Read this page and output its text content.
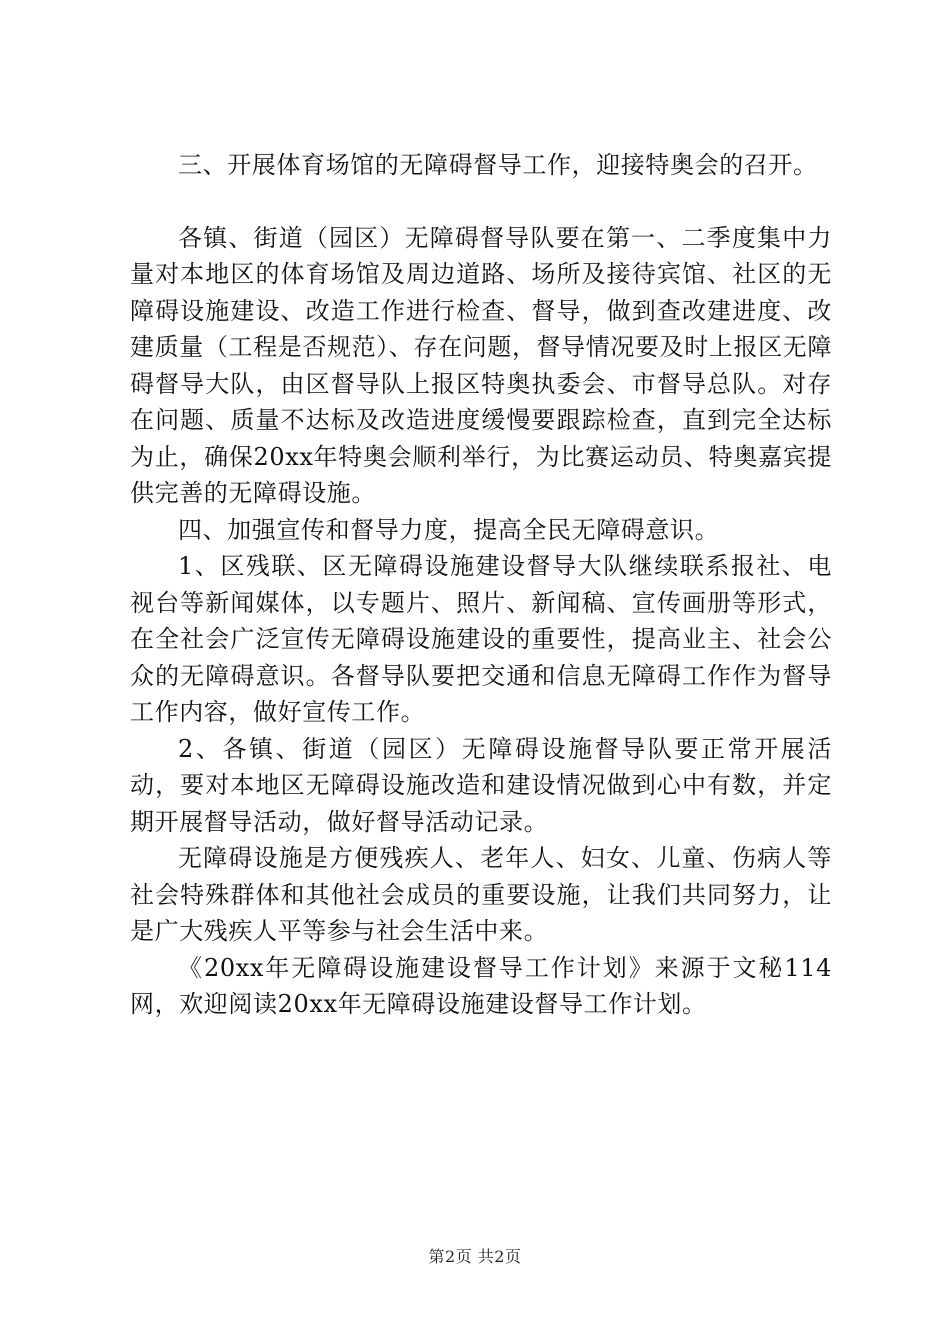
三、开展体育场馆的无障碍督导工作，迎接特奥会的召开。

各镇、街道（园区）无障碍督导队要在第一、二季度集中力量对本地区的体育场馆及周边道路、场所及接待宾馆、社区的无障碍设施建设、改造工作进行检查、督导，做到查改建进度、改建质量（工程是否规范）、存在问题，督导情况要及时上报区无障碍督导大队，由区督导队上报区特奥执委会、市督导总队。对存在问题、质量不达标及改造进度缓慢要跟踪检查，直到完全达标为止，确保20xx年特奥会顺利举行，为比赛运动员、特奥嘉宾提供完善的无障碍设施。

四、加强宣传和督导力度，提高全民无障碍意识。

1、区残联、区无障碍设施建设督导大队继续联系报社、电视台等新闻媒体，以专题片、照片、新闻稿、宣传画册等形式，在全社会广泛宣传无障碍设施建设的重要性，提高业主、社会公众的无障碍意识。各督导队要把交通和信息无障碍工作作为督导工作内容，做好宣传工作。

2、各镇、街道（园区）无障碍设施督导队要正常开展活动，要对本地区无障碍设施改造和建设情况做到心中有数，并定期开展督导活动，做好督导活动记录。

无障碍设施是方便残疾人、老年人、妇女、儿童、伤病人等社会特殊群体和其他社会成员的重要设施，让我们共同努力，让是广大残疾人平等参与社会生活中来。

《20xx年无障碍设施建设督导工作计划》来源于文秘114网，欢迎阅读20xx年无障碍设施建设督导工作计划。

第2页 共2页
